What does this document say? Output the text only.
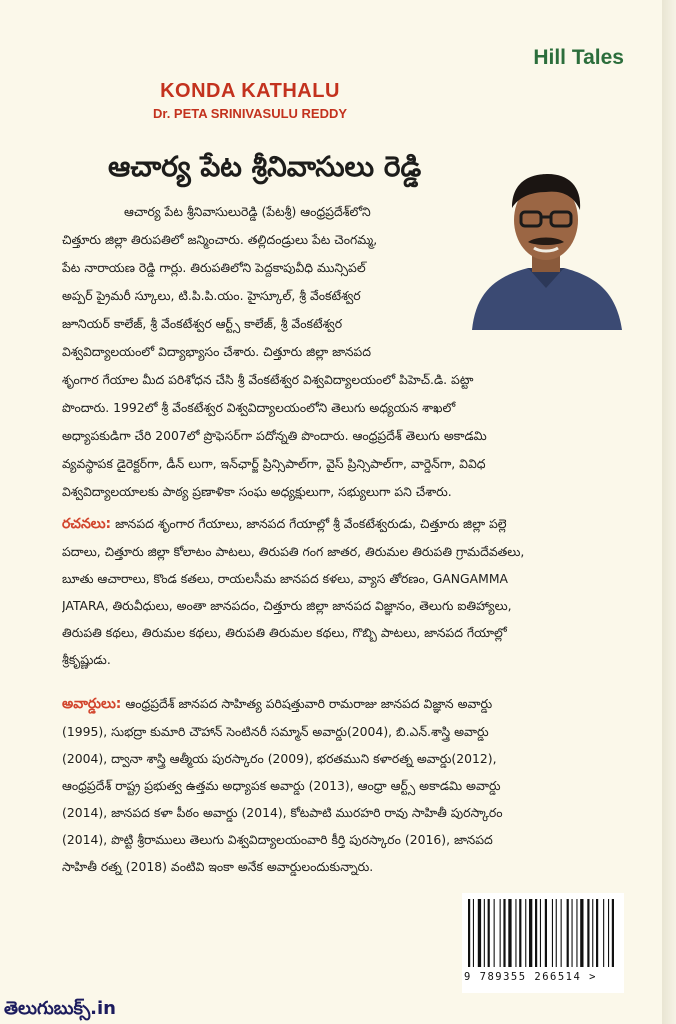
Hill Tales
KONDA KATHALU
Dr. PETA SRINIVASULU REDDY
ఆచార్య పేట శ్రీనివాసులు రెడ్డి
ఆచార్య పేట శ్రీనివాసులురెడ్డి (పేటశ్రీ) ఆంధ్రప్రదేశ్‌లోని
చిత్తూరు జిల్లా తిరుపతిలో జన్మించారు. తల్లిదండ్రులు పేట చెంగమ్మ,
పేట నారాయణ రెడ్డి గార్లు. తిరుపతిలోని పెద్దకాపువీధి మున్సిపల్
అప్పర్ ప్రైమరీ స్కూలు, టి.పి.పి.యం. హైస్కూల్, శ్రీ వేంకటేశ్వర
జూనియర్ కాలేజ్, శ్రీ వేంకటేశ్వర ఆర్ట్స్ కాలేజ్, శ్రీ వేంకటేశ్వర
విశ్వవిద్యాలయంలో విద్యాభ్యాసం చేశారు. చిత్తూరు జిల్లా జానపద
శృంగార గేయాల మీద పరిశోధన చేసి శ్రీ వేంకటేశ్వర విశ్వవిద్యాలయంలో పిహెచ్.డి. పట్టా
పొందారు. 1992లో శ్రీ వేంకటేశ్వర విశ్వవిద్యాలయంలోని తెలుగు అధ్యయన శాఖలో
అధ్యాపకుడిగా చేరి 2007లో ప్రొఫెసర్‌గా పదోన్నతి పొందారు. ఆంధ్రప్రదేశ్ తెలుగు అకాడమి
వ్యవస్థాపక డైరెక్టర్‌గా, డీన్ లుగా, ఇన్‌ఛార్జ్ ప్రిన్సిపాల్‌గా, వైస్ ప్రిన్సిపాల్‌గా, వార్డెన్‌గా, వివిధ
విశ్వవిద్యాలయాలకు పాఠ్య ప్రణాళికా సంఘ అధ్యక్షులుగా, సభ్యులుగా పని చేశారు.
రచనలు: జానపద శృంగార గేయాలు, జానపద గేయాల్లో శ్రీ వేంకటేశ్వరుడు, చిత్తూరు జిల్లా పల్లె
పదాలు, చిత్తూరు జిల్లా కోలాటం పాటలు, తిరుపతి గంగ జాతర, తిరుమల తిరుపతి గ్రామదేవతలు,
బూతు ఆచారాలు, కొండ కతలు, రాయలసీమ జానపద కళలు, వ్యాస తోరణం, GANGAMMA
JATARA, తిరువీధులు, అంతా జానపదం, చిత్తూరు జిల్లా జానపద విజ్ఞానం, తెలుగు ఐతిహ్యాలు,
తిరుపతి కథలు, తిరుమల కథలు, తిరుపతి తిరుమల కథలు, గొబ్బి పాటలు, జానపద గేయాల్లో
శ్రీకృష్ణుడు.
అవార్డులు: ఆంధ్రప్రదేశ్ జానపద సాహిత్య పరిషత్తువారి రామరాజు జానపద విజ్ఞాన అవార్డు
(1995), సుభద్రా కుమారి చౌహాన్ సెంటినరీ సమ్మాన్ అవార్డు(2004), బి.ఎన్.శాస్త్రి అవార్డు
(2004), ద్వానా శాస్త్రి ఆత్మీయ పురస్కారం (2009), భరతముని కళారత్న అవార్డు(2012),
ఆంధ్రప్రదేశ్ రాష్ట్ర ప్రభుత్వ ఉత్తమ అధ్యాపక అవార్డు (2013), ఆంధ్రా ఆర్ట్స్ అకాడమి అవార్డు
(2014), జానపద కళా పీఠం అవార్డు (2014), కోటపాటి మురహరి రావు సాహితీ పురస్కారం
(2014), పొట్టి శ్రీరాములు తెలుగు విశ్వవిద్యాలయంవారి కీర్తి పురస్కారం (2016), జానపద
సాహితీ రత్న (2018) వంటివి ఇంకా అనేక అవార్డులందుకున్నారు.
9 789355 266514 >
తెలుగుబుక్స్.in
